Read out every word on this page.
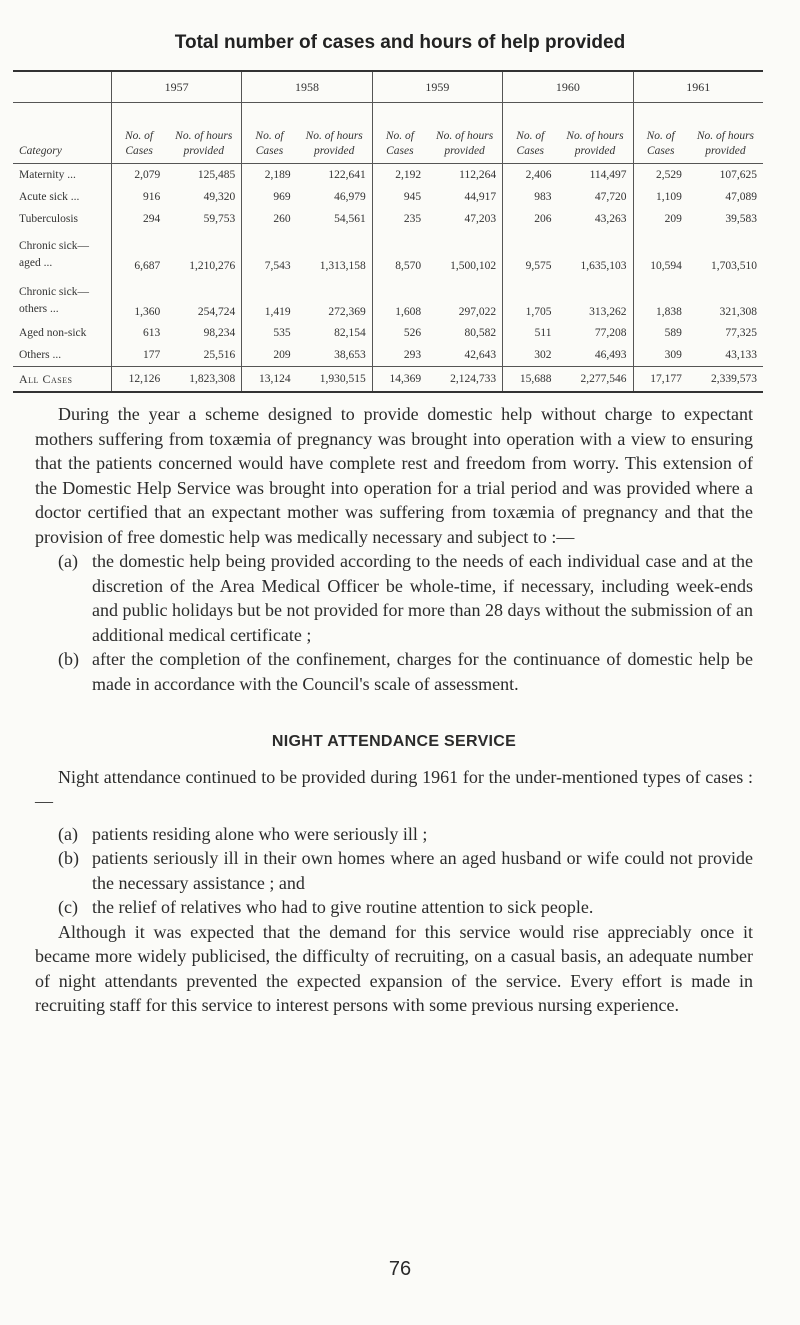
Total number of cases and hours of help provided
	1957		1958		1959		1960		1961	
Category	No. of Cases	No. of hours provided	No. of Cases	No. of hours provided	No. of Cases	No. of hours provided	No. of Cases	No. of hours provided	No. of Cases	No. of hours provided
Maternity ...	2,079	125,485	2,189	122,641	2,192	112,264	2,406	114,497	2,529	107,625
Acute sick ...	916	49,320	969	46,979	945	44,917	983	47,720	1,109	47,089
Tuberculosis	294	59,753	260	54,561	235	47,203	206	43,263	209	39,583
Chronic sick— aged ...	6,687	1,210,276	7,543	1,313,158	8,570	1,500,102	9,575	1,635,103	10,594	1,703,510
Chronic sick— others ...	1,360	254,724	1,419	272,369	1,608	297,022	1,705	313,262	1,838	321,308
Aged non-sick	613	98,234	535	82,154	526	80,582	511	77,208	589	77,325
Others ...	177	25,516	209	38,653	293	42,643	302	46,493	309	43,133
All Cases	12,126	1,823,308	13,124	1,930,515	14,369	2,124,733	15,688	2,277,546	17,177	2,339,573

During the year a scheme designed to provide domestic help without charge to expectant mothers suffering from toxæmia of pregnancy was brought into operation with a view to ensuring that the patients concerned would have complete rest and freedom from worry. This extension of the Domestic Help Service was brought into operation for a trial period and was provided where a doctor certified that an expectant mother was suffering from toxæmia of pregnancy and that the provision of free domestic help was medically necessary and subject to :—

(a) the domestic help being provided according to the needs of each individual case and at the discretion of the Area Medical Officer be whole-time, if necessary, including week-ends and public holidays but be not provided for more than 28 days without the submission of an additional medical certificate ;
(b) after the completion of the confinement, charges for the continuance of domestic help be made in accordance with the Council's scale of assessment.
NIGHT ATTENDANCE SERVICE

Night attendance continued to be provided during 1961 for the under-mentioned types of cases :—

(a) patients residing alone who were seriously ill ;
(b) patients seriously ill in their own homes where an aged husband or wife could not provide the necessary assistance ; and
(c) the relief of relatives who had to give routine attention to sick people.

Although it was expected that the demand for this service would rise appreciably once it became more widely publicised, the difficulty of recruiting, on a casual basis, an adequate number of night attendants prevented the expected expansion of the service. Every effort is made in recruiting staff for this service to interest persons with some previous nursing experience.

76
